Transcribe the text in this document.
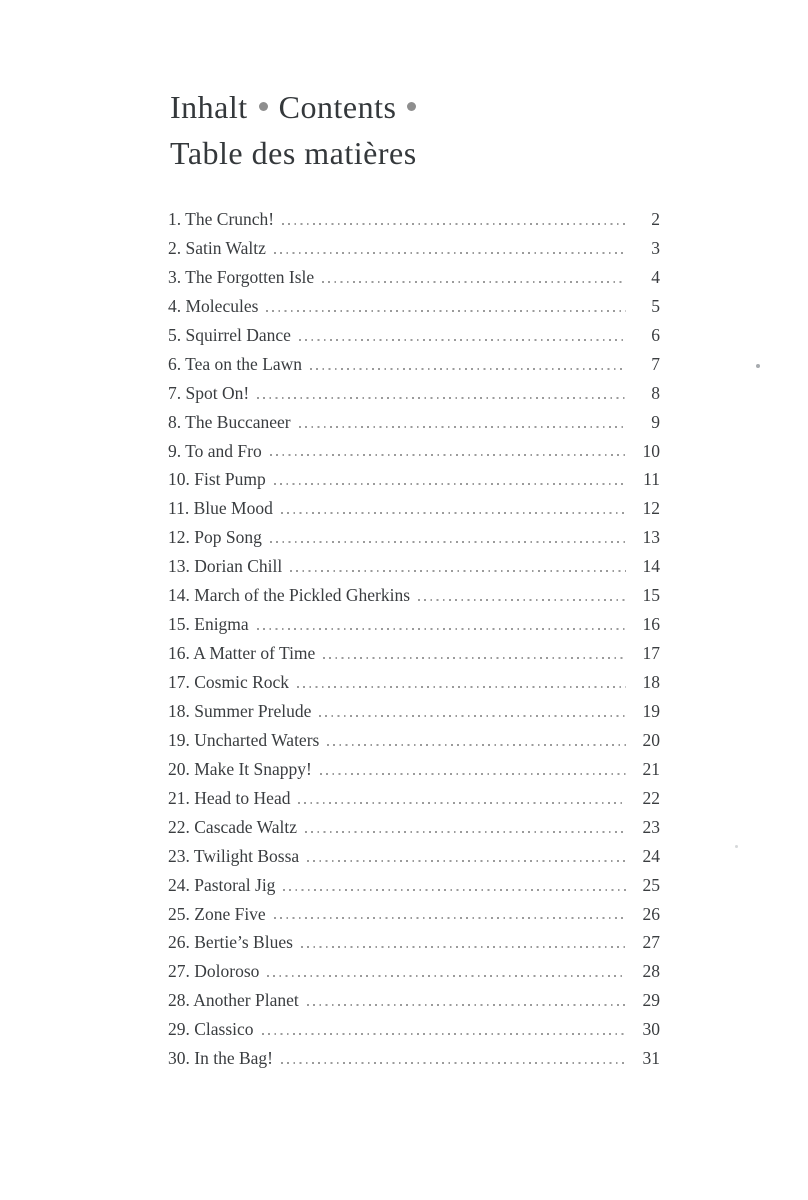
Inhalt Contents
Table des matières
1. The Crunch!	2
2. Satin Waltz	3
3. The Forgotten Isle	4
4. Molecules	5
5. Squirrel Dance	6
6. Tea on the Lawn	7
7. Spot On!	8
8. The Buccaneer	9
9. To and Fro	10
10. Fist Pump	11
11. Blue Mood	12
12. Pop Song	13
13. Dorian Chill	14
14. March of the Pickled Gherkins	15
15. Enigma	16
16. A Matter of Time	17
17. Cosmic Rock	18
18. Summer Prelude	19
19. Uncharted Waters	20
20. Make It Snappy!	21
21. Head to Head	22
22. Cascade Waltz	23
23. Twilight Bossa	24
24. Pastoral Jig	25
25. Zone Five	26
26. Bertie’s Blues	27
27. Doloroso	28
28. Another Planet	29
29. Classico	30
30. In the Bag!	31
